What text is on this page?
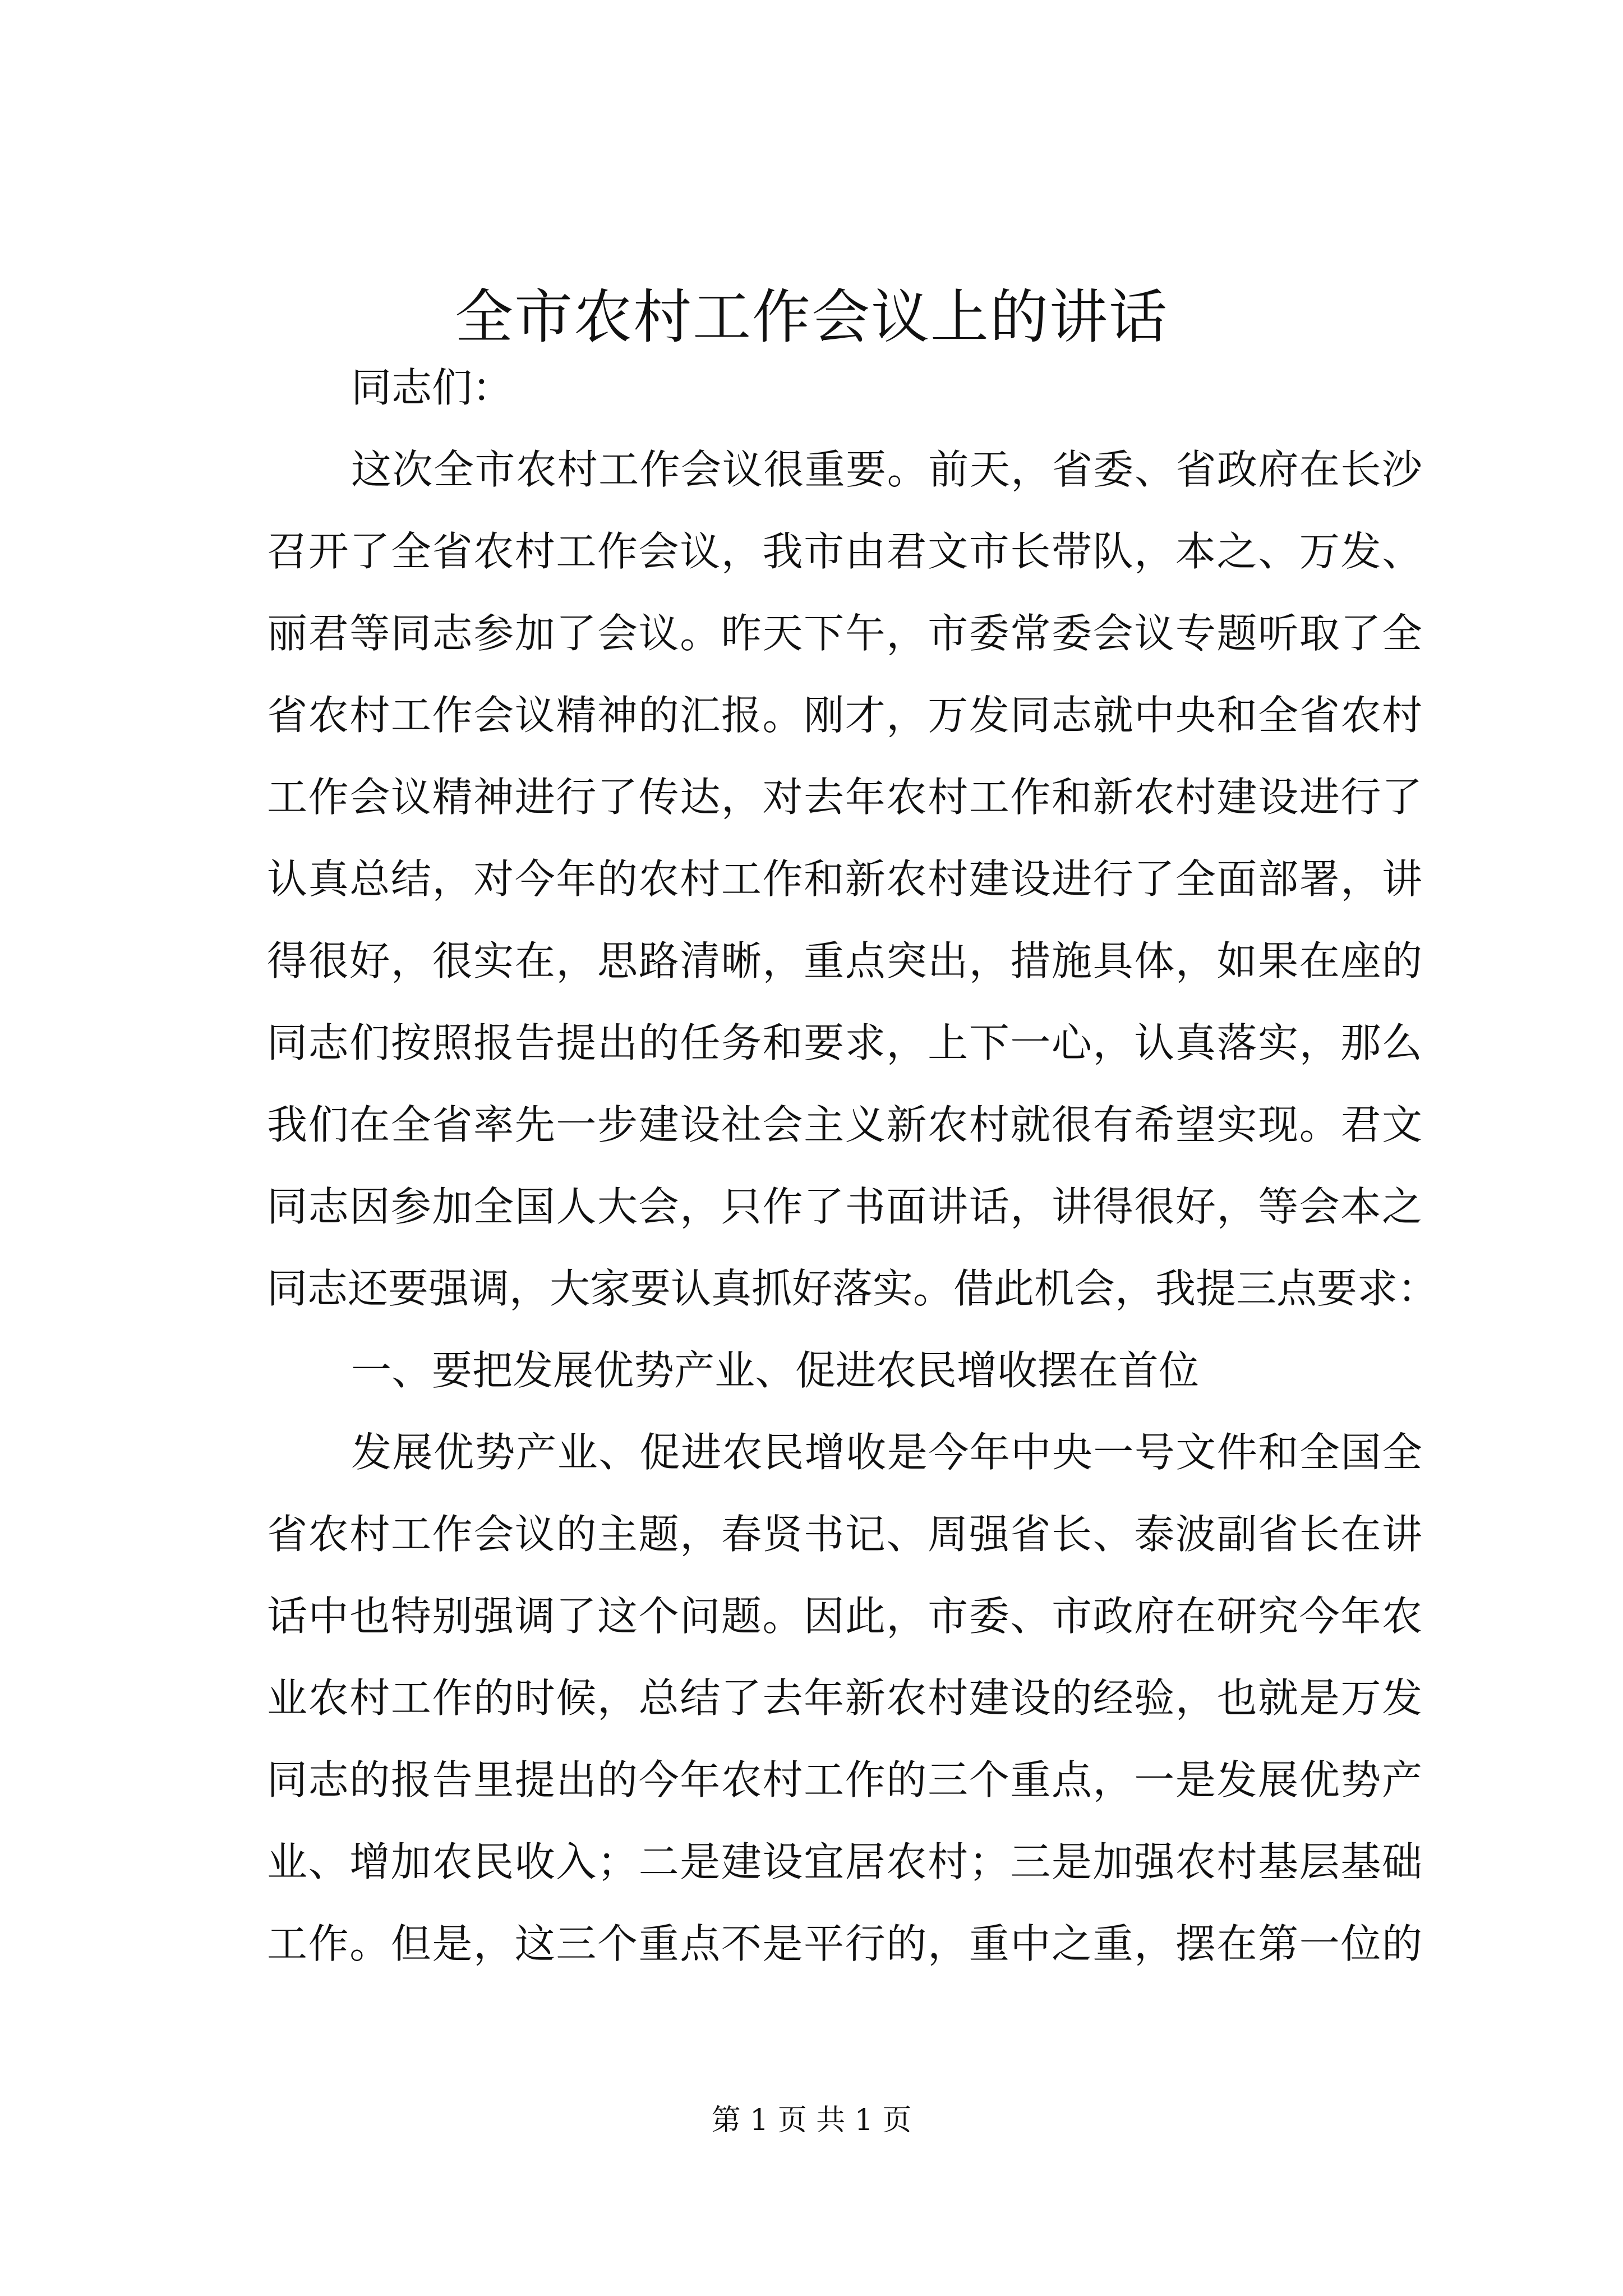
全市农村工作会议上的讲话
同志们：
这次全市农村工作会议很重要。前天，省委、省政府在长沙
召开了全省农村工作会议，我市由君文市长带队，本之、万发、
丽君等同志参加了会议。昨天下午，市委常委会议专题听取了全
省农村工作会议精神的汇报。刚才，万发同志就中央和全省农村
工作会议精神进行了传达，对去年农村工作和新农村建设进行了
认真总结，对今年的农村工作和新农村建设进行了全面部署，讲
得很好，很实在，思路清晰，重点突出，措施具体，如果在座的
同志们按照报告提出的任务和要求，上下一心，认真落实，那么
我们在全省率先一步建设社会主义新农村就很有希望实现。君文
同志因参加全国人大会，只作了书面讲话，讲得很好，等会本之
同志还要强调，大家要认真抓好落实。借此机会，我提三点要求：
一、要把发展优势产业、促进农民增收摆在首位
发展优势产业、促进农民增收是今年中央一号文件和全国全
省农村工作会议的主题，春贤书记、周强省长、泰波副省长在讲
话中也特别强调了这个问题。因此，市委、市政府在研究今年农
业农村工作的时候，总结了去年新农村建设的经验，也就是万发
同志的报告里提出的今年农村工作的三个重点，一是发展优势产
业、增加农民收入；二是建设宜居农村；三是加强农村基层基础
工作。但是，这三个重点不是平行的，重中之重，摆在第一位的
第 1 页 共 1 页
